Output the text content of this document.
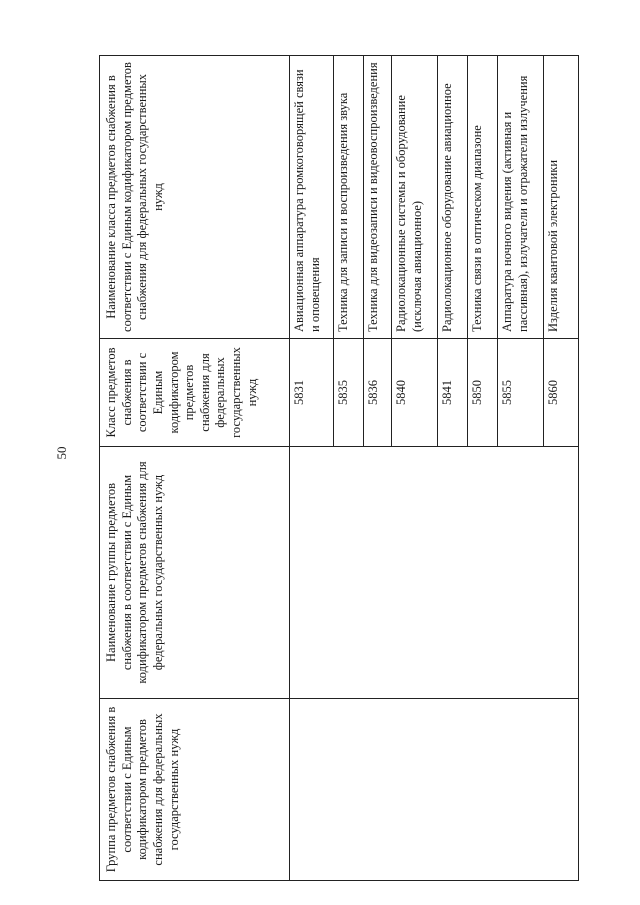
50
Группа предметов снабжения в соответствии с Единым кодификатором предметов снабжения для федеральных государственных нужд	Наименование группы предметов снабжения в соответствии с Единым кодификатором предметов снабжения для федеральных государственных нужд	Класс предметов снабжения в соответствии с Единым кодификатором предметов снабжения для федеральных государственных нужд	Наименование класса предметов снабжения в соответствии с Единым кодификатором предметов снабжения для федеральных государственных нужд
		5831	Авиационная аппаратура громкоговорящей связи и оповещения
		5835	Техника для записи и воспроизведения звука
		5836	Техника для видеозаписи и видеовоспроизведения
		5840	Радиолокационные системы и оборудование (исключая авиационное)
		5841	Радиолокационное оборудование авиационное
		5850	Техника связи в оптическом диапазоне
		5855	Аппаратура ночного видения (активная и пассивная), излучатели и отражатели излучения
		5860	Изделия квантовой электроники
